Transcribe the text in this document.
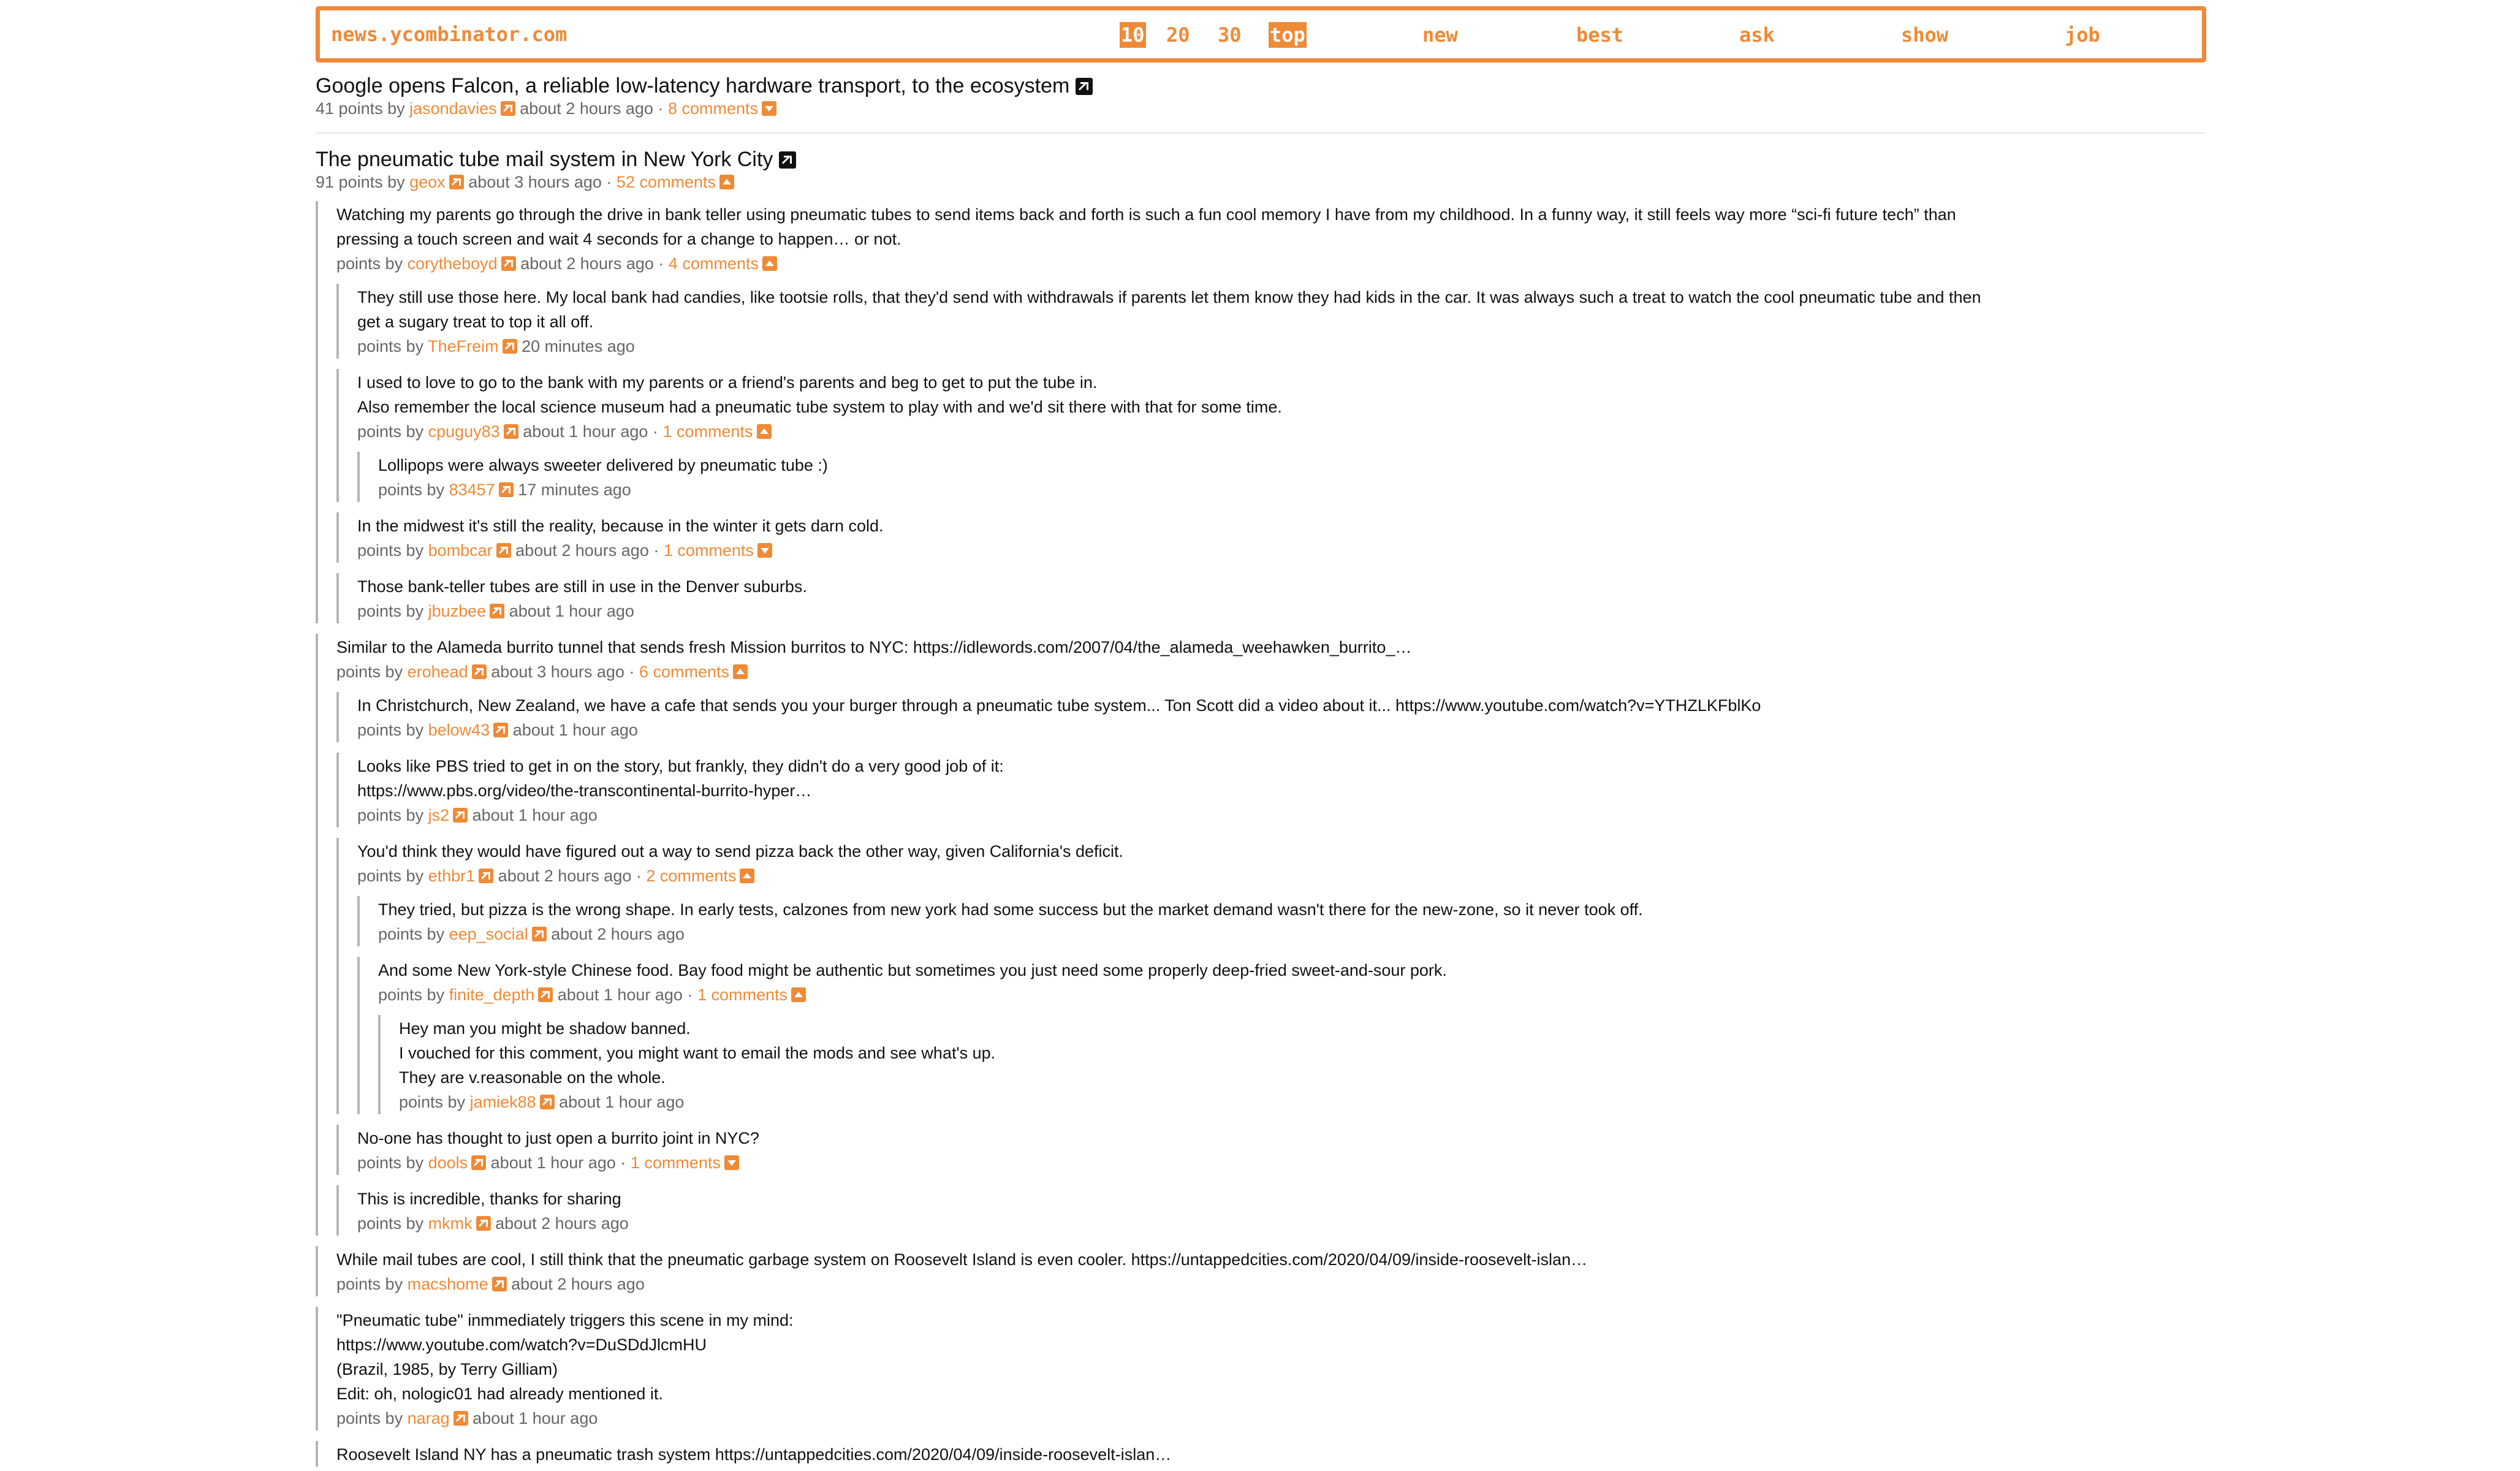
news.ycombinator.com	10 20 30 top	new	best	ask	show	job
Google opens Falcon, a reliable low-latency hardware transport, to the ecosystem
41 points by jasondavies about 2 hours ago · 8 comments
The pneumatic tube mail system in New York City
91 points by geox about 3 hours ago · 52 comments
Watching my parents go through the drive in bank teller using pneumatic tubes to send items back and forth is such a fun cool memory I have from my childhood. In a funny way, it still feels way more “sci-fi future tech” than
pressing a touch screen and wait 4 seconds for a change to happen… or not.
points by corytheboyd about 2 hours ago · 4 comments
They still use those here. My local bank had candies, like tootsie rolls, that they'd send with withdrawals if parents let them know they had kids in the car. It was always such a treat to watch the cool pneumatic tube and then
get a sugary treat to top it all off.
points by TheFreim 20 minutes ago
I used to love to go to the bank with my parents or a friend's parents and beg to get to put the tube in.
Also remember the local science museum had a pneumatic tube system to play with and we'd sit there with that for some time.
points by cpuguy83 about 1 hour ago · 1 comments
Lollipops were always sweeter delivered by pneumatic tube :)
points by 83457 17 minutes ago
In the midwest it's still the reality, because in the winter it gets darn cold.
points by bombcar about 2 hours ago · 1 comments
Those bank-teller tubes are still in use in the Denver suburbs.
points by jbuzbee about 1 hour ago
Similar to the Alameda burrito tunnel that sends fresh Mission burritos to NYC: https://idlewords.com/2007/04/the_alameda_weehawken_burrito_…
points by erohead about 3 hours ago · 6 comments
In Christchurch, New Zealand, we have a cafe that sends you your burger through a pneumatic tube system... Ton Scott did a video about it... https://www.youtube.com/watch?v=YTHZLKFblKo
points by below43 about 1 hour ago
Looks like PBS tried to get in on the story, but frankly, they didn't do a very good job of it:
https://www.pbs.org/video/the-transcontinental-burrito-hyper…
points by js2 about 1 hour ago
You'd think they would have figured out a way to send pizza back the other way, given California's deficit.
points by ethbr1 about 2 hours ago · 2 comments
They tried, but pizza is the wrong shape. In early tests, calzones from new york had some success but the market demand wasn't there for the new-zone, so it never took off.
points by eep_social about 2 hours ago
And some New York-style Chinese food. Bay food might be authentic but sometimes you just need some properly deep-fried sweet-and-sour pork.
points by finite_depth about 1 hour ago · 1 comments
Hey man you might be shadow banned.
I vouched for this comment, you might want to email the mods and see what's up.
They are v.reasonable on the whole.
points by jamiek88 about 1 hour ago
No-one has thought to just open a burrito joint in NYC?
points by dools about 1 hour ago · 1 comments
This is incredible, thanks for sharing
points by mkmk about 2 hours ago
While mail tubes are cool, I still think that the pneumatic garbage system on Roosevelt Island is even cooler. https://untappedcities.com/2020/04/09/inside-roosevelt-islan…
points by macshome about 2 hours ago
"Pneumatic tube" inmmediately triggers this scene in my mind:
https://www.youtube.com/watch?v=DuSDdJlcmHU
(Brazil, 1985, by Terry Gilliam)
Edit: oh, nologic01 had already mentioned it.
points by narag about 1 hour ago
Roosevelt Island NY has a pneumatic trash system https://untappedcities.com/2020/04/09/inside-roosevelt-islan…
